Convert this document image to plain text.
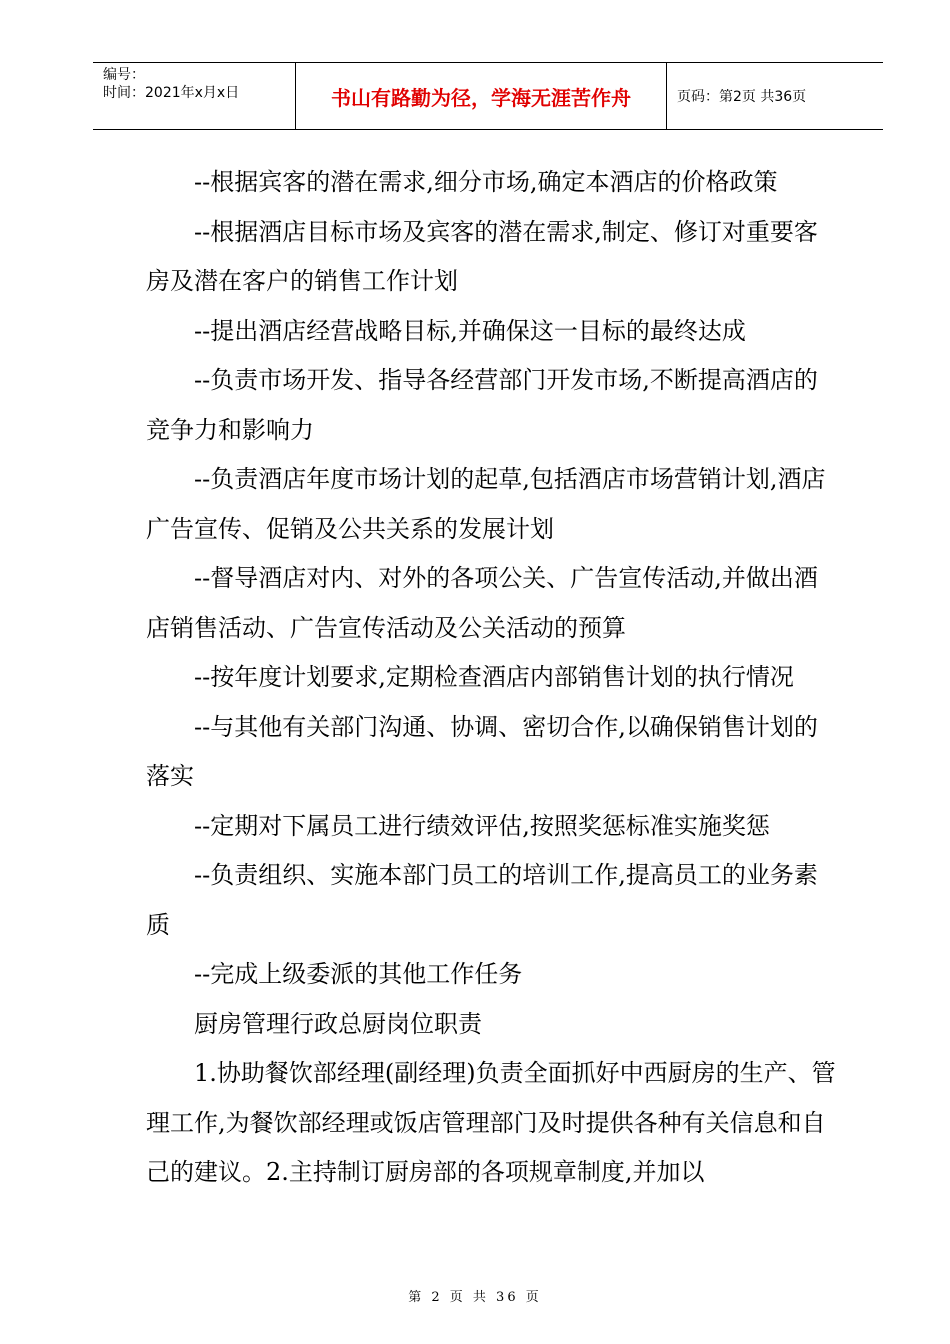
编号：
时间：2021年x月x日	书山有路勤为径，学海无涯苦作舟	页码：第2页 共36页

--根据宾客的潜在需求,细分市场,确定本酒店的价格政策

--根据酒店目标市场及宾客的潜在需求,制定、修订对重要客房及潜在客户的销售工作计划

--提出酒店经营战略目标,并确保这一目标的最终达成

--负责市场开发、指导各经营部门开发市场,不断提高酒店的竞争力和影响力

--负责酒店年度市场计划的起草,包括酒店市场营销计划,酒店广告宣传、促销及公共关系的发展计划

--督导酒店对内、对外的各项公关、广告宣传活动,并做出酒店销售活动、广告宣传活动及公关活动的预算

--按年度计划要求,定期检查酒店内部销售计划的执行情况

--与其他有关部门沟通、协调、密切合作,以确保销售计划的落实

--定期对下属员工进行绩效评估,按照奖惩标准实施奖惩

--负责组织、实施本部门员工的培训工作,提高员工的业务素质

--完成上级委派的其他工作任务

厨房管理行政总厨岗位职责

1.协助餐饮部经理(副经理)负责全面抓好中西厨房的生产、管理工作,为餐饮部经理或饭店管理部门及时提供各种有关信息和自己的建议。2.主持制订厨房部的各项规章制度,并加以

第 2 页 共 36 页
